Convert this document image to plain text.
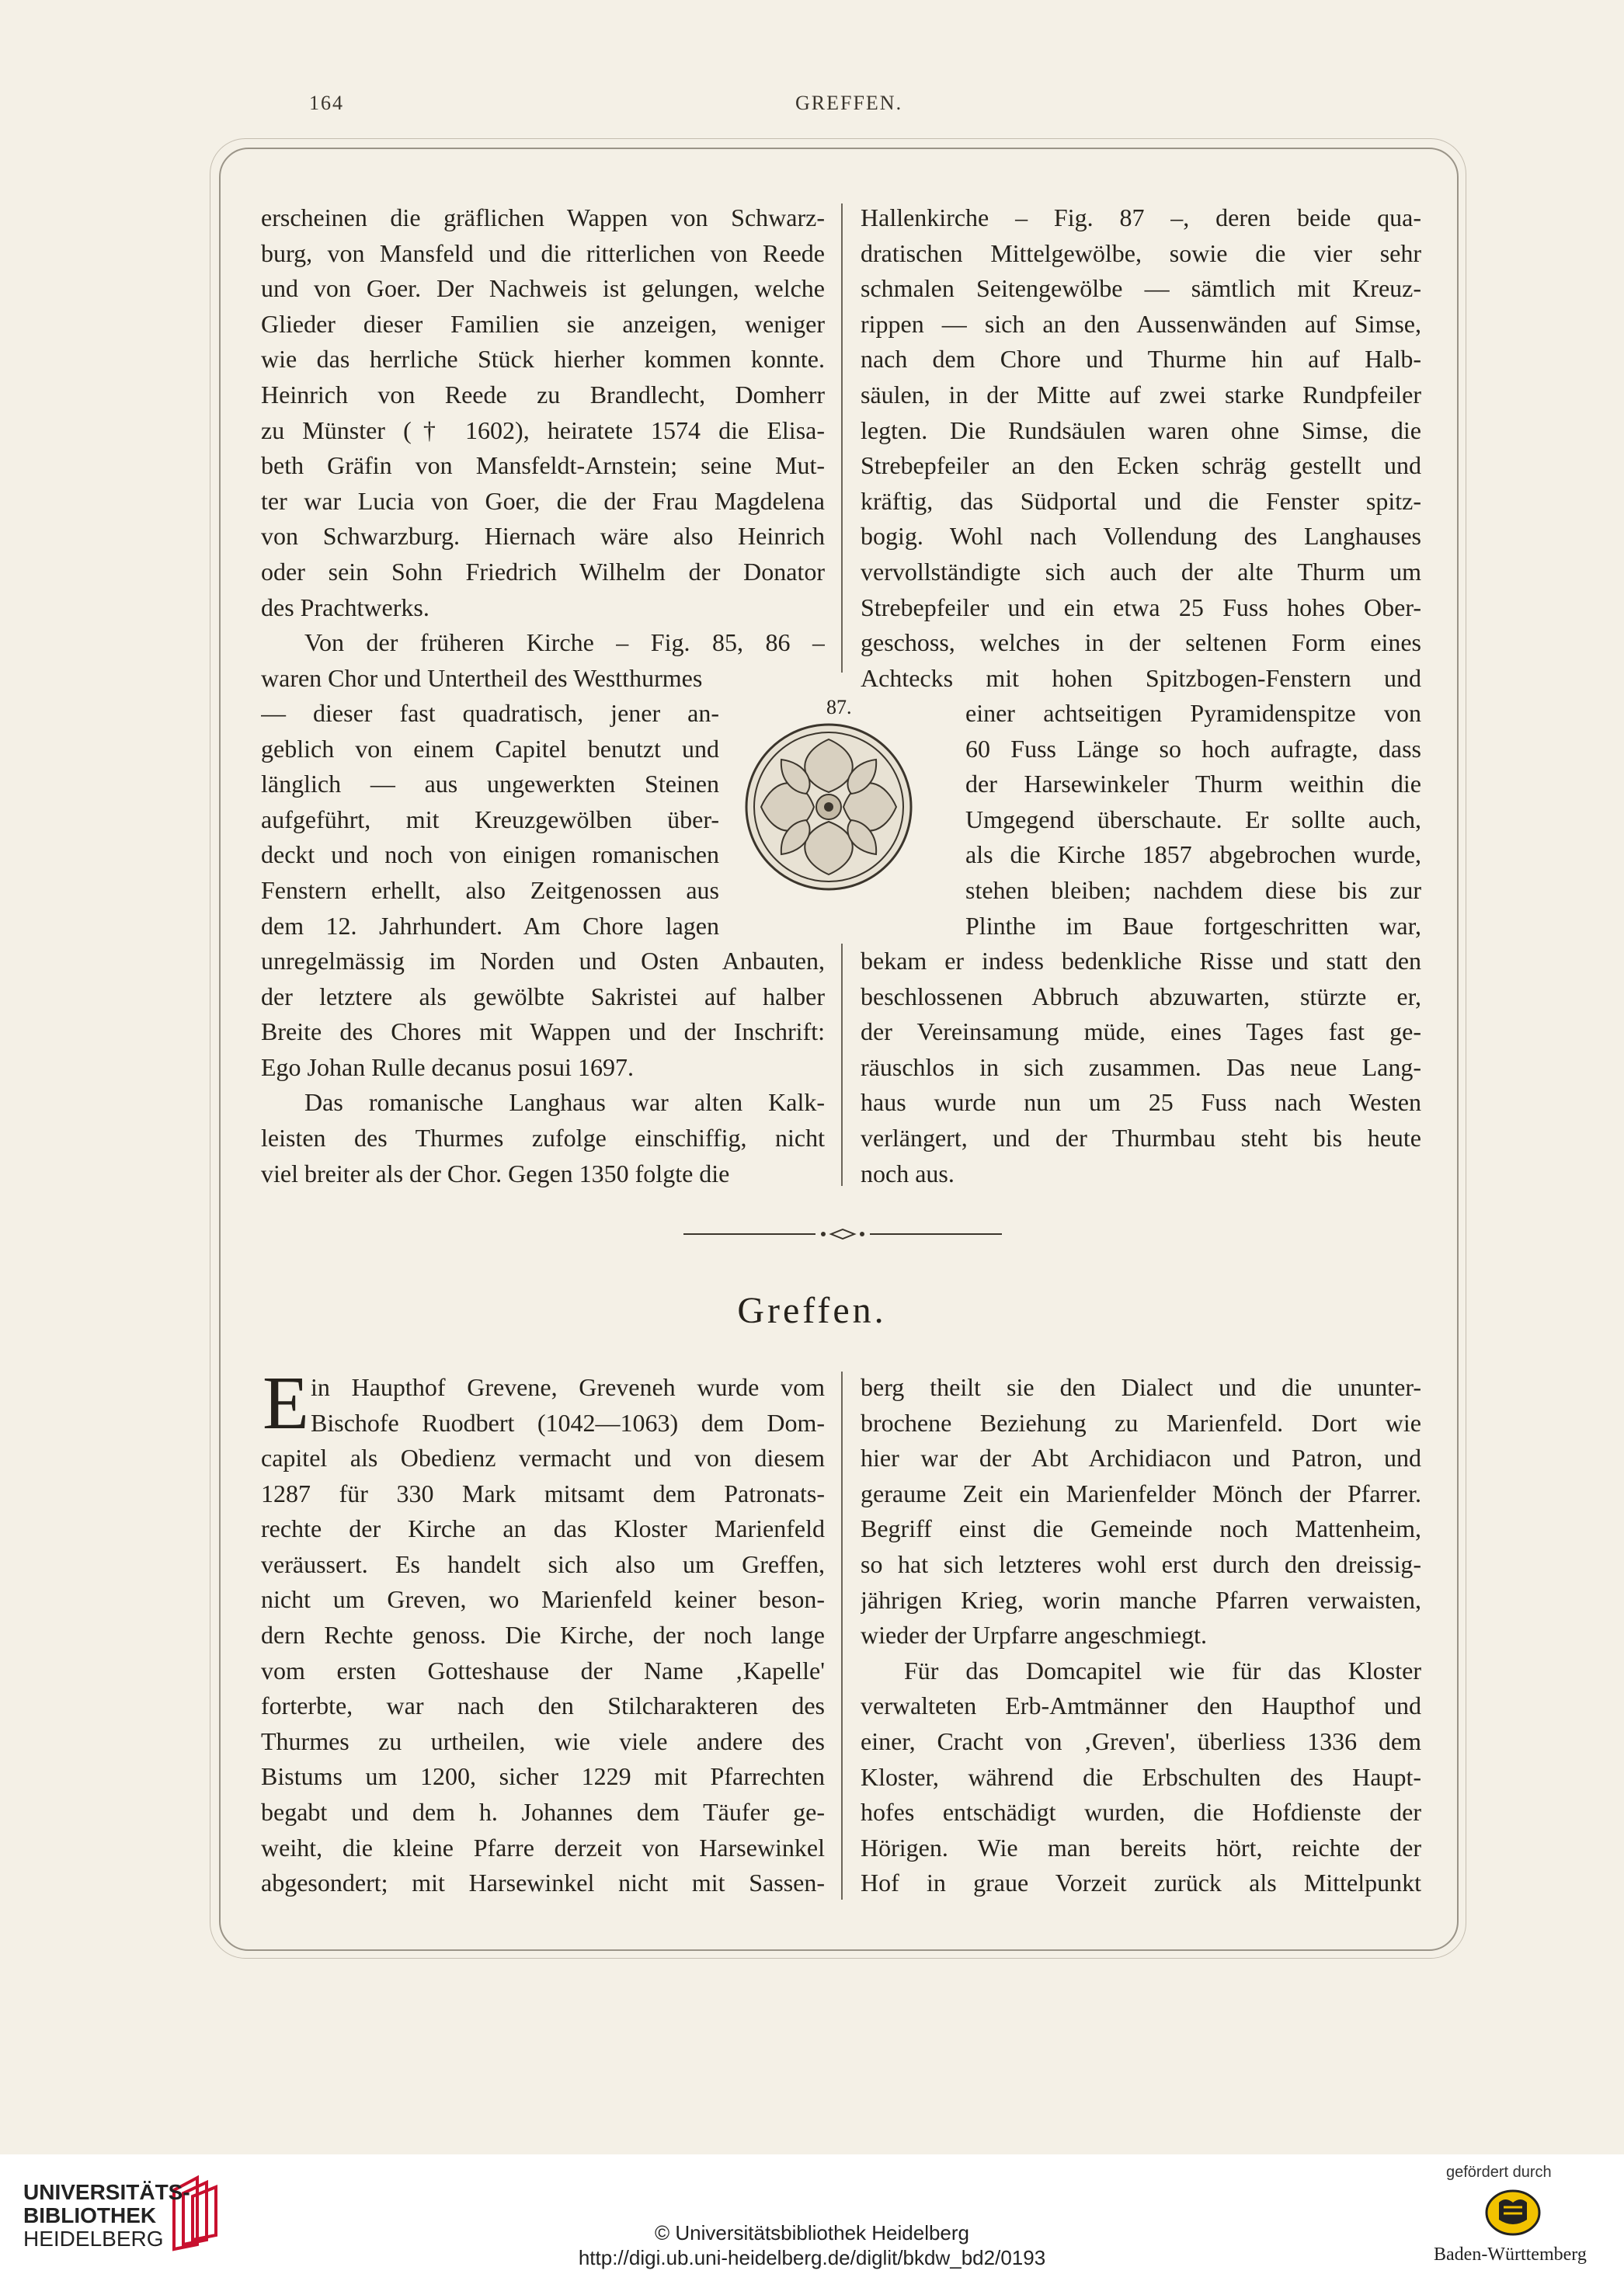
164	GREFFEN.
erscheinen die gräflichen Wappen von Schwarz-
burg, von Mansfeld und die ritterlichen von Reede
und von Goer. Der Nachweis ist gelungen, welche
Glieder dieser Familien sie anzeigen, weniger
wie das herrliche Stück hierher kommen konnte.
Heinrich von Reede zu Brandlecht, Domherr
zu Münster († 1602), heiratete 1574 die Elisa-
beth Gräfin von Mansfeldt-Arnstein; seine Mut-
ter war Lucia von Goer, die der Frau Magdelena
von Schwarzburg. Hiernach wäre also Heinrich
oder sein Sohn Friedrich Wilhelm der Donator
des Prachtwerks.
Von der früheren Kirche – Fig. 85, 86 –
waren Chor und Untertheil des Westthurmes
— dieser fast quadratisch, jener an-
geblich von einem Capitel benutzt und
länglich — aus ungewerkten Steinen
aufgeführt, mit Kreuzgewölben über-
deckt und noch von einigen romanischen
Fenstern erhellt, also Zeitgenossen aus
dem 12. Jahrhundert. Am Chore lagen
unregelmässig im Norden und Osten Anbauten,
der letztere als gewölbte Sakristei auf halber
Breite des Chores mit Wappen und der Inschrift:
Ego Johan Rulle decanus posui 1697.
Das romanische Langhaus war alten Kalk-
leisten des Thurmes zufolge einschiffig, nicht
viel breiter als der Chor. Gegen 1350 folgte die
Hallenkirche – Fig. 87 –, deren beide qua-
dratischen Mittelgewölbe, sowie die vier sehr
schmalen Seitengewölbe — sämtlich mit Kreuz-
rippen — sich an den Aussenwänden auf Simse,
nach dem Chore und Thurme hin auf Halb-
säulen, in der Mitte auf zwei starke Rundpfeiler
legten. Die Rundsäulen waren ohne Simse, die
Strebepfeiler an den Ecken schräg gestellt und
kräftig, das Südportal und die Fenster spitz-
bogig. Wohl nach Vollendung des Langhauses
vervollständigte sich auch der alte Thurm um
Strebepfeiler und ein etwa 25 Fuss hohes Ober-
geschoss, welches in der seltenen Form eines
Achtecks mit hohen Spitzbogen-Fenstern und
einer achtseitigen Pyramidenspitze von
60 Fuss Länge so hoch aufragte, dass
der Harsewinkeler Thurm weithin die
Umgegend überschaute. Er sollte auch,
als die Kirche 1857 abgebrochen wurde,
stehen bleiben; nachdem diese bis zur
Plinthe im Baue fortgeschritten war,
bekam er indess bedenkliche Risse und statt den
beschlossenen Abbruch abzuwarten, stürzte er,
der Vereinsamung müde, eines Tages fast ge-
räuschlos in sich zusammen. Das neue Lang-
haus wurde nun um 25 Fuss nach Westen
verlängert, und der Thurmbau steht bis heute
noch aus.
87.
Greffen.
E in Haupthof Grevene, Greveneh wurde vom
Bischofe Ruodbert (1042—1063) dem Dom-
capitel als Obedienz vermacht und von diesem
1287 für 330 Mark mitsamt dem Patronats-
rechte der Kirche an das Kloster Marienfeld
veräussert. Es handelt sich also um Greffen,
nicht um Greven, wo Marienfeld keiner beson-
dern Rechte genoss. Die Kirche, der noch lange
vom ersten Gotteshause der Name ‚Kapelle'
forterbte, war nach den Stilcharakteren des
Thurmes zu urtheilen, wie viele andere des
Bistums um 1200, sicher 1229 mit Pfarrechten
begabt und dem h. Johannes dem Täufer ge-
weiht, die kleine Pfarre derzeit von Harsewinkel
abgesondert; mit Harsewinkel nicht mit Sassen-
berg theilt sie den Dialect und die ununter-
brochene Beziehung zu Marienfeld. Dort wie
hier war der Abt Archidiacon und Patron, und
geraume Zeit ein Marienfelder Mönch der Pfarrer.
Begriff einst die Gemeinde noch Mattenheim,
so hat sich letzteres wohl erst durch den dreissig-
jährigen Krieg, worin manche Pfarren verwaisten,
wieder der Urpfarre angeschmiegt.
Für das Domcapitel wie für das Kloster
verwalteten Erb-Amtmänner den Haupthof und
einer, Cracht von ‚Greven', überliess 1336 dem
Kloster, während die Erbschulten des Haupt-
hofes entschädigt wurden, die Hofdienste der
Hörigen. Wie man bereits hört, reichte der
Hof in graue Vorzeit zurück als Mittelpunkt
UNIVERSITÄTS-
BIBLIOTHEK
HEIDELBERG	© Universitätsbibliothek Heidelberg
http://digi.ub.uni-heidelberg.de/diglit/bkdw_bd2/0193
gefördert durch
Baden-Württemberg
